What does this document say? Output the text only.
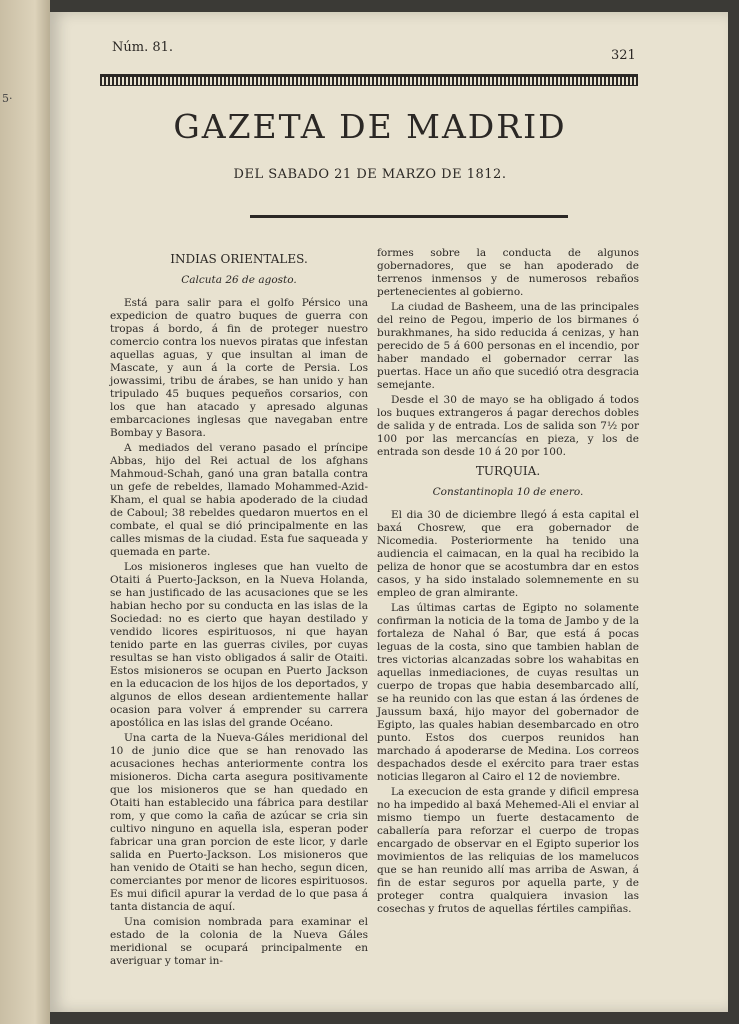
5·
Núm. 81.
321
GAZETA DE MADRID
DEL SABADO 21 DE MARZO DE 1812.
INDIAS ORIENTALES.
Calcuta 26 de agosto.

Está para salir para el golfo Pérsico una expedicion de quatro buques de guerra con tropas á bordo, á fin de proteger nuestro comercio contra los nuevos piratas que infestan aquellas aguas, y que insultan al iman de Mascate, y aun á la corte de Persia. Los jowassimi, tribu de árabes, se han unido y han tripulado 45 buques pequeños corsarios, con los que han atacado y apresado algunas embarcaciones inglesas que navegaban entre Bombay y Basora.

A mediados del verano pasado el príncipe Abbas, hijo del Rei actual de los afghans Mahmoud-Schah, ganó una gran batalla contra un gefe de rebeldes, llamado Mohammed-Azid-Kham, el qual se habia apoderado de la ciudad de Caboul; 38 rebeldes quedaron muertos en el combate, el qual se dió principalmente en las calles mismas de la ciudad. Esta fue saqueada y quemada en parte.

Los misioneros ingleses que han vuelto de Otaiti á Puerto-Jackson, en la Nueva Holanda, se han justificado de las acusaciones que se les habian hecho por su conducta en las islas de la Sociedad: no es cierto que hayan destilado y vendido licores espirituosos, ni que hayan tenido parte en las guerras civiles, por cuyas resultas se han visto obligados á salir de Otaiti. Estos misioneros se ocupan en Puerto Jackson en la educacion de los hijos de los deportados, y algunos de ellos desean ardientemente hallar ocasion para volver á emprender su carrera apostólica en las islas del grande Océano.

Una carta de la Nueva-Gáles meridional del 10 de junio dice que se han renovado las acusaciones hechas anteriormente contra los misioneros. Dicha carta asegura positivamente que los misioneros que se han quedado en Otaiti han establecido una fábrica para destilar rom, y que como la caña de azúcar se cria sin cultivo ninguno en aquella isla, esperan poder fabricar una gran porcion de este licor, y darle salida en Puerto-Jackson. Los misioneros que han venido de Otaiti se han hecho, segun dicen, comerciantes por menor de licores espirituosos. Es mui dificil apurar la verdad de lo que pasa á tanta distancia de aquí.

Una comision nombrada para examinar el estado de la colonia de la Nueva Gáles meridional se ocupará principalmente en averiguar y tomar in-

formes sobre la conducta de algunos gobernadores, que se han apoderado de terrenos inmensos y de numerosos rebaños pertenecientes al gobierno.

La ciudad de Basheem, una de las principales del reino de Pegou, imperio de los birmanes ó burakhmanes, ha sido reducida á cenizas, y han perecido de 5 á 600 personas en el incendio, por haber mandado el gobernador cerrar las puertas. Hace un año que sucedió otra desgracia semejante.

Desde el 30 de mayo se ha obligado á todos los buques extrangeros á pagar derechos dobles de salida y de entrada. Los de salida son 7½ por 100 por las mercancías en pieza, y los de entrada son desde 10 á 20 por 100.

TURQUIA.
Constantinopla 10 de enero.

El dia 30 de diciembre llegó á esta capital el baxá Chosrew, que era gobernador de Nicomedia. Posteriormente ha tenido una audiencia el caimacan, en la qual ha recibido la peliza de honor que se acostumbra dar en estos casos, y ha sido instalado solemnemente en su empleo de gran almirante.

Las últimas cartas de Egipto no solamente confirman la noticia de la toma de Jambo y de la fortaleza de Nahal ó Bar, que está á pocas leguas de la costa, sino que tambien hablan de tres victorias alcanzadas sobre los wahabitas en aquellas inmediaciones, de cuyas resultas un cuerpo de tropas que habia desembarcado allí, se ha reunido con las que estan á las órdenes de Jaussum baxá, hijo mayor del gobernador de Egipto, las quales habian desembarcado en otro punto. Estos dos cuerpos reunidos han marchado á apoderarse de Medina. Los correos despachados desde el exército para traer estas noticias llegaron al Cairo el 12 de noviembre.

La execucion de esta grande y dificil empresa no ha impedido al baxá Mehemed-Ali el enviar al mismo tiempo un fuerte destacamento de caballería para reforzar el cuerpo de tropas encargado de observar en el Egipto superior los movimientos de las reliquias de los mamelucos que se han reunido allí mas arriba de Aswan, á fin de estar seguros por aquella parte, y de proteger contra qualquiera invasion las cosechas y frutos de aquellas fértiles campiñas.
